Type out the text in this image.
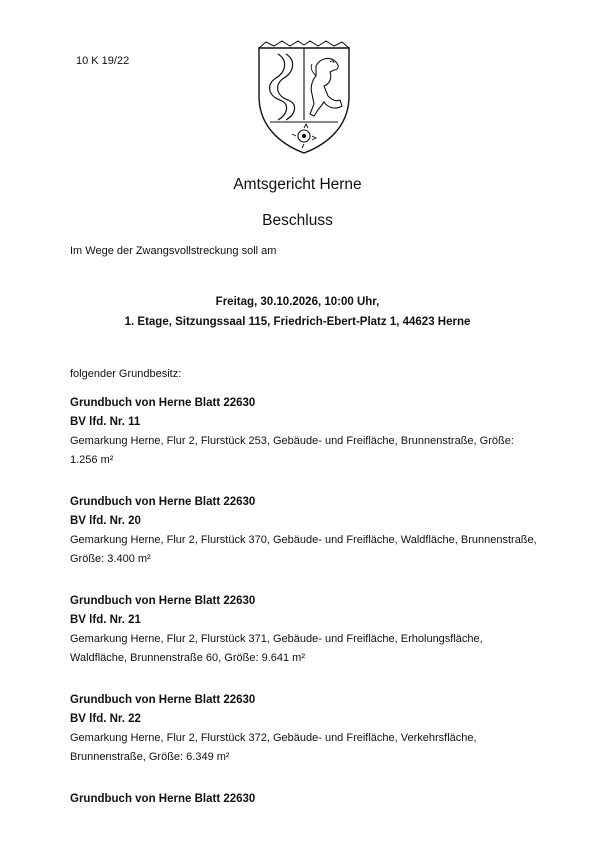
10 K 19/22
Amtsgericht Herne
Beschluss
Im Wege der Zwangsvollstreckung soll am
Freitag, 30.10.2026, 10:00 Uhr,
1. Etage, Sitzungssaal 115, Friedrich-Ebert-Platz 1, 44623 Herne
folgender Grundbesitz:
Grundbuch von Herne Blatt 22630
BV lfd. Nr. 11
Gemarkung Herne, Flur 2, Flurstück 253, Gebäude- und Freifläche, Brunnenstraße, Größe: 1.256 m²
Grundbuch von Herne Blatt 22630
BV lfd. Nr. 20
Gemarkung Herne, Flur 2, Flurstück 370, Gebäude- und Freifläche, Waldfläche, Brunnenstraße, Größe: 3.400 m²
Grundbuch von Herne Blatt 22630
BV lfd. Nr. 21
Gemarkung Herne, Flur 2, Flurstück 371, Gebäude- und Freifläche, Erholungsfläche, Waldfläche, Brunnenstraße 60, Größe: 9.641 m²
Grundbuch von Herne Blatt 22630
BV lfd. Nr. 22
Gemarkung Herne, Flur 2, Flurstück 372, Gebäude- und Freifläche, Verkehrsfläche, Brunnenstraße, Größe: 6.349 m²
Grundbuch von Herne Blatt 22630
